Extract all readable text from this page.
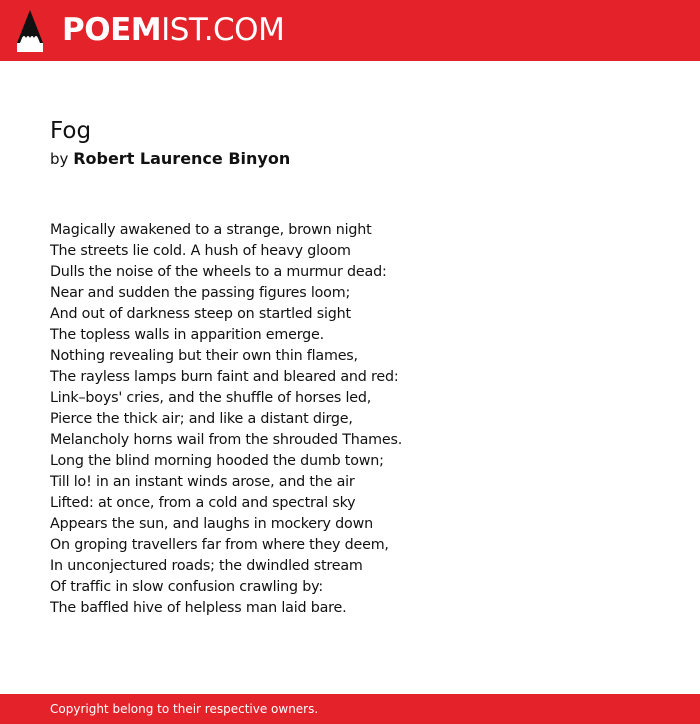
POEMIST.COM
Fog

by Robert Laurence Binyon

Magically awakened to a strange, brown night
The streets lie cold. A hush of heavy gloom
Dulls the noise of the wheels to a murmur dead:
Near and sudden the passing figures loom;
And out of darkness steep on startled sight
The topless walls in apparition emerge.
Nothing revealing but their own thin flames,
The rayless lamps burn faint and bleared and red:
Link–boys' cries, and the shuffle of horses led,
Pierce the thick air; and like a distant dirge,
Melancholy horns wail from the shrouded Thames.
Long the blind morning hooded the dumb town;
Till lo! in an instant winds arose, and the air
Lifted: at once, from a cold and spectral sky
Appears the sun, and laughs in mockery down
On groping travellers far from where they deem,
In unconjectured roads; the dwindled stream
Of traffic in slow confusion crawling by:
The baffled hive of helpless man laid bare.
Copyright belong to their respective owners.
